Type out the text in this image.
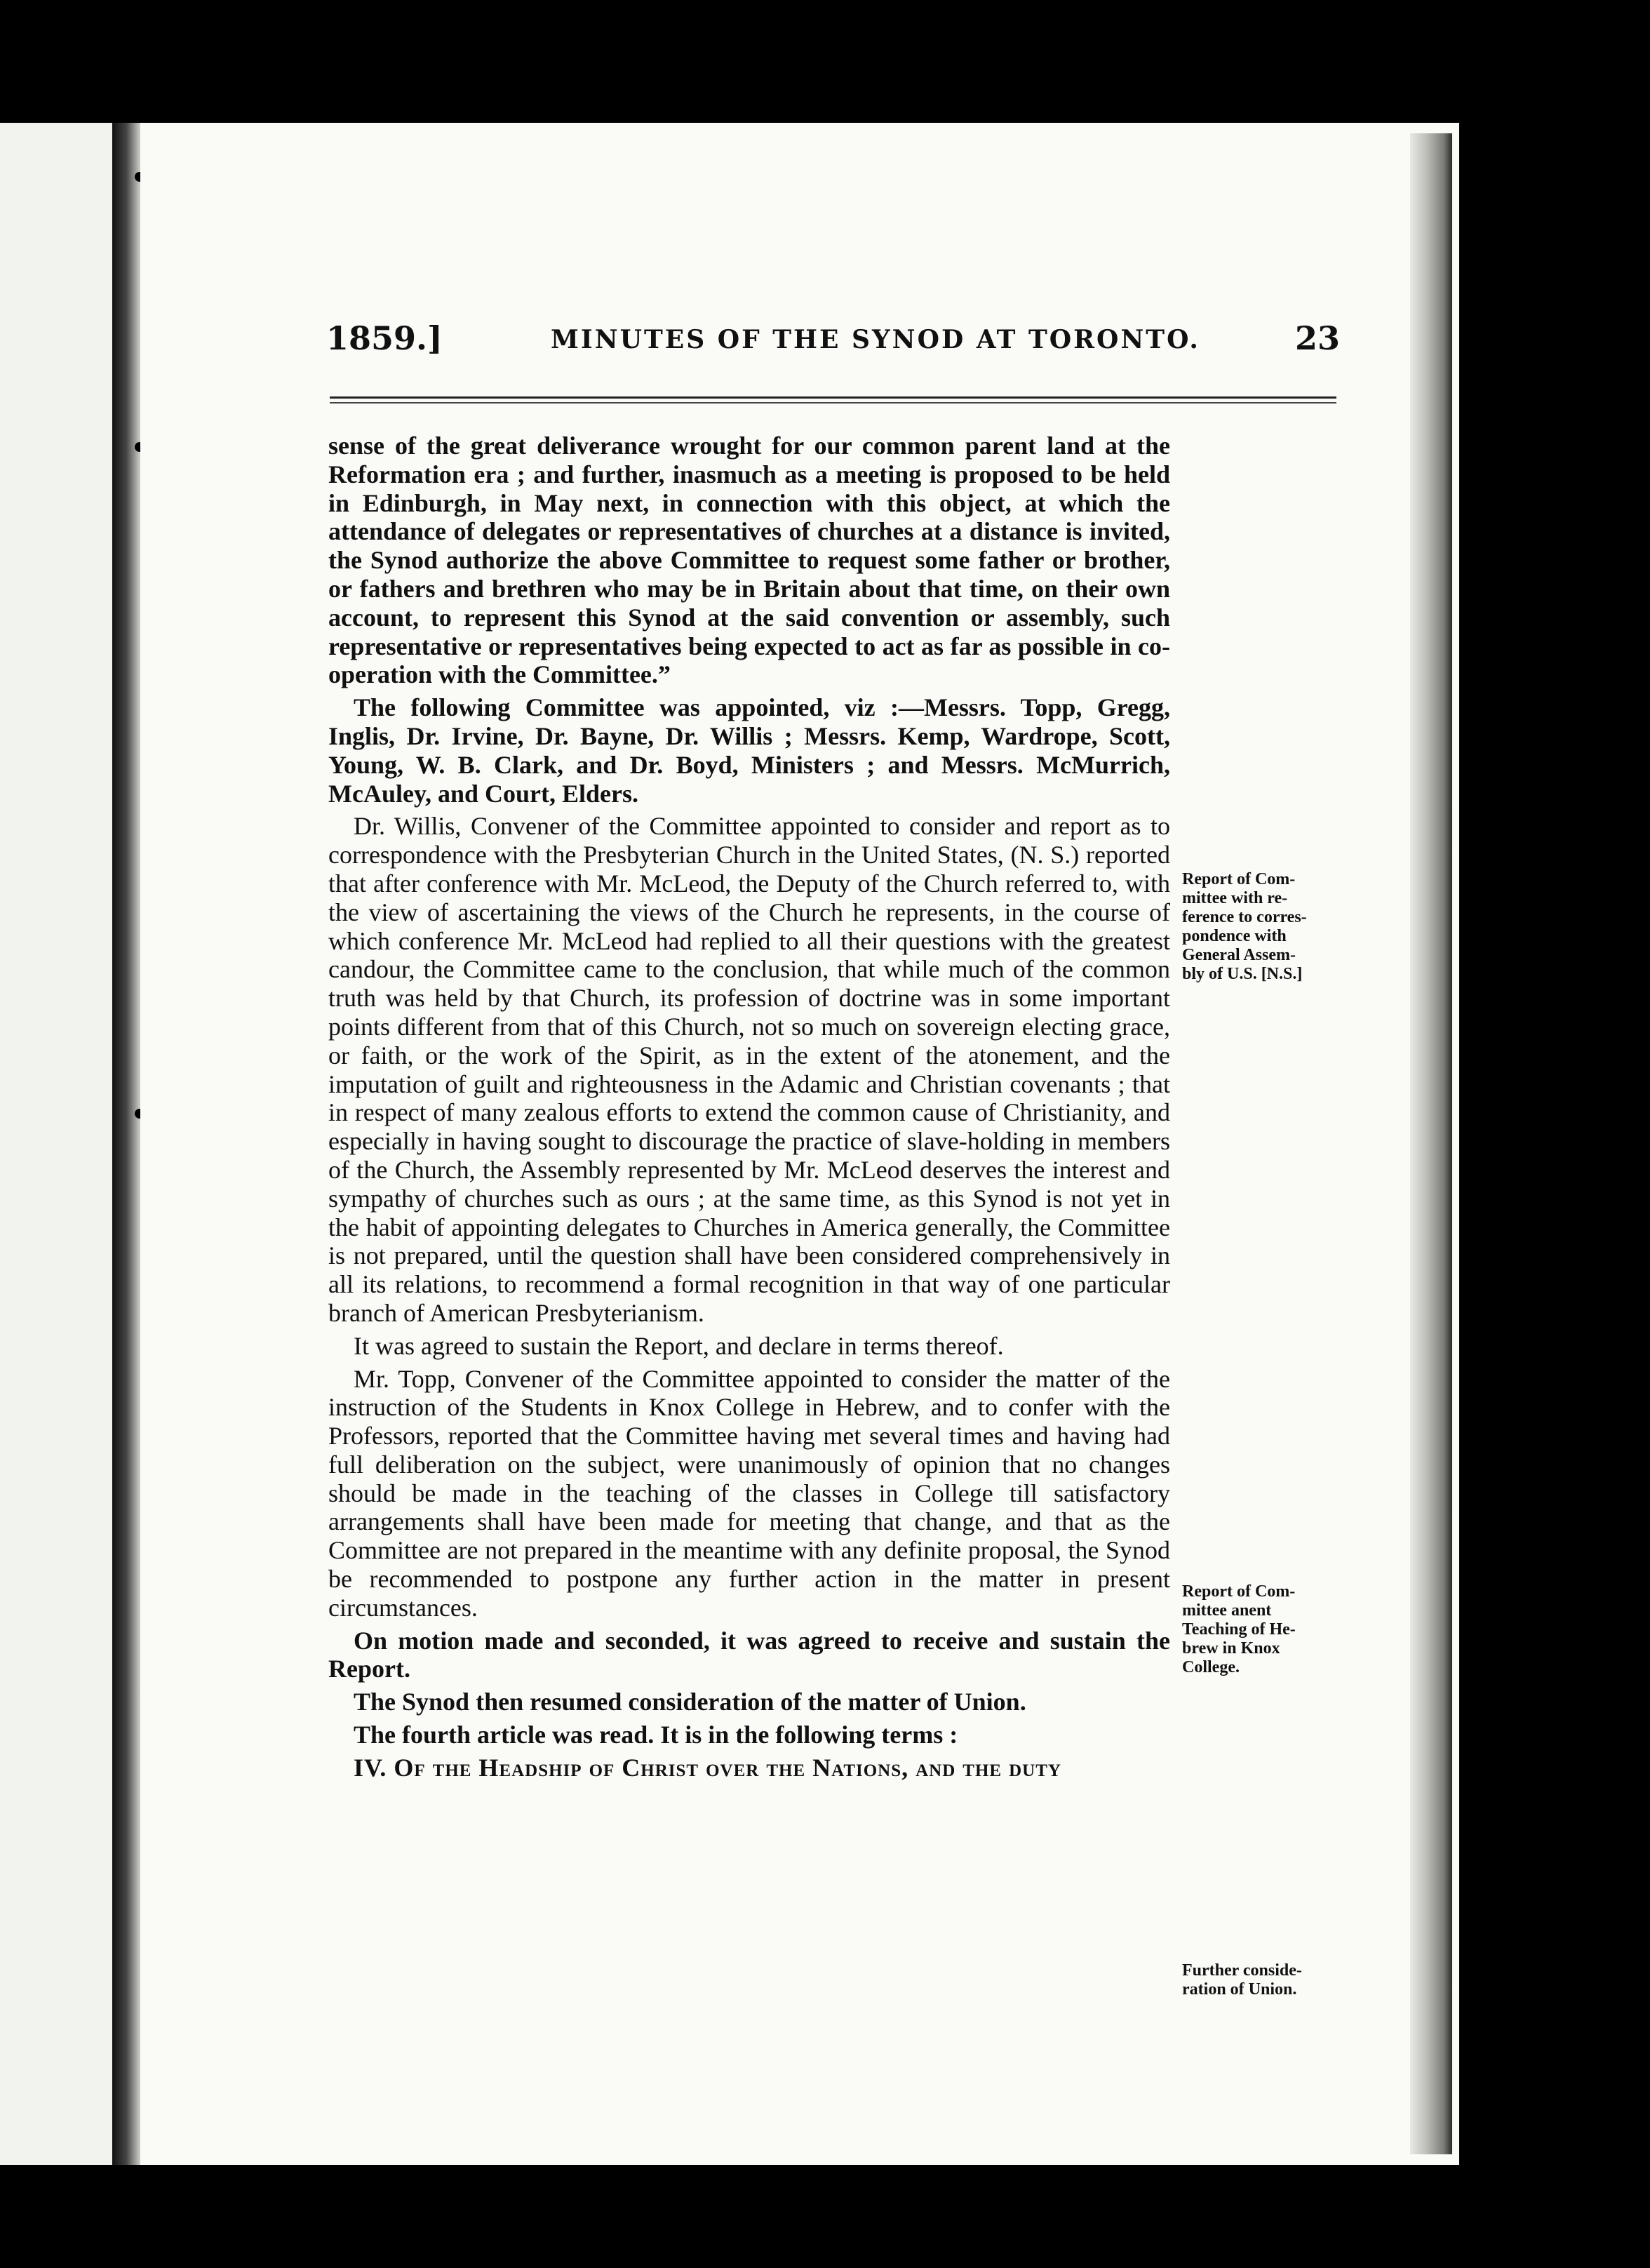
1859.]	MINUTES OF THE SYNOD AT TORONTO.	23

sense of the great deliverance wrought for our common parent land at the Reformation era ; and further, inasmuch as a meeting is proposed to be held in Edinburgh, in May next, in connection with this object, at which the attendance of delegates or representatives of churches at a distance is invited, the Synod authorize the above Committee to request some father or brother, or fathers and brethren who may be in Britain about that time, on their own account, to represent this Synod at the said convention or assembly, such representative or representatives being expected to act as far as possible in co-operation with the Committee.”

The following Committee was appointed, viz :—Messrs. Topp, Gregg, Inglis, Dr. Irvine, Dr. Bayne, Dr. Willis ; Messrs. Kemp, Wardrope, Scott, Young, W. B. Clark, and Dr. Boyd, Ministers ; and Messrs. McMurrich, McAuley, and Court, Elders.

Dr. Willis, Convener of the Committee appointed to consider and report as to correspondence with the Presbyterian Church in the United States, (N. S.) reported that after conference with Mr. McLeod, the Deputy of the Church referred to, with the view of ascertaining the views of the Church he represents, in the course of which conference Mr. McLeod had replied to all their questions with the greatest candour, the Committee came to the conclusion, that while much of the common truth was held by that Church, its profession of doctrine was in some important points different from that of this Church, not so much on sovereign electing grace, or faith, or the work of the Spirit, as in the extent of the atonement, and the imputation of guilt and righteousness in the Adamic and Christian covenants ; that in respect of many zealous efforts to extend the common cause of Christianity, and especially in having sought to discourage the practice of slave-holding in members of the Church, the Assembly represented by Mr. McLeod deserves the interest and sympathy of churches such as ours ; at the same time, as this Synod is not yet in the habit of appointing delegates to Churches in America generally, the Committee is not prepared, until the question shall have been considered comprehensively in all its relations, to recommend a formal recognition in that way of one particular branch of American Presbyterianism.

It was agreed to sustain the Report, and declare in terms thereof.

Mr. Topp, Convener of the Committee appointed to consider the matter of the instruction of the Students in Knox College in Hebrew, and to confer with the Professors, reported that the Committee having met several times and having had full deliberation on the subject, were unanimously of opinion that no changes should be made in the teaching of the classes in College till satisfactory arrangements shall have been made for meeting that change, and that as the Committee are not prepared in the meantime with any definite proposal, the Synod be recommended to postpone any further action in the matter in present circumstances.

On motion made and seconded, it was agreed to receive and sustain the Report.

The Synod then resumed consideration of the matter of Union.

The fourth article was read. It is in the following terms :

IV. Of the Headship of Christ over the Nations, and the duty

Report of Com-
mittee with re-
ference to corres-
pondence with
General Assem-
bly of U.S. [N.S.]
Report of Com-
mittee anent
Teaching of He-
brew in Knox
College.
Further conside-
ration of Union.
